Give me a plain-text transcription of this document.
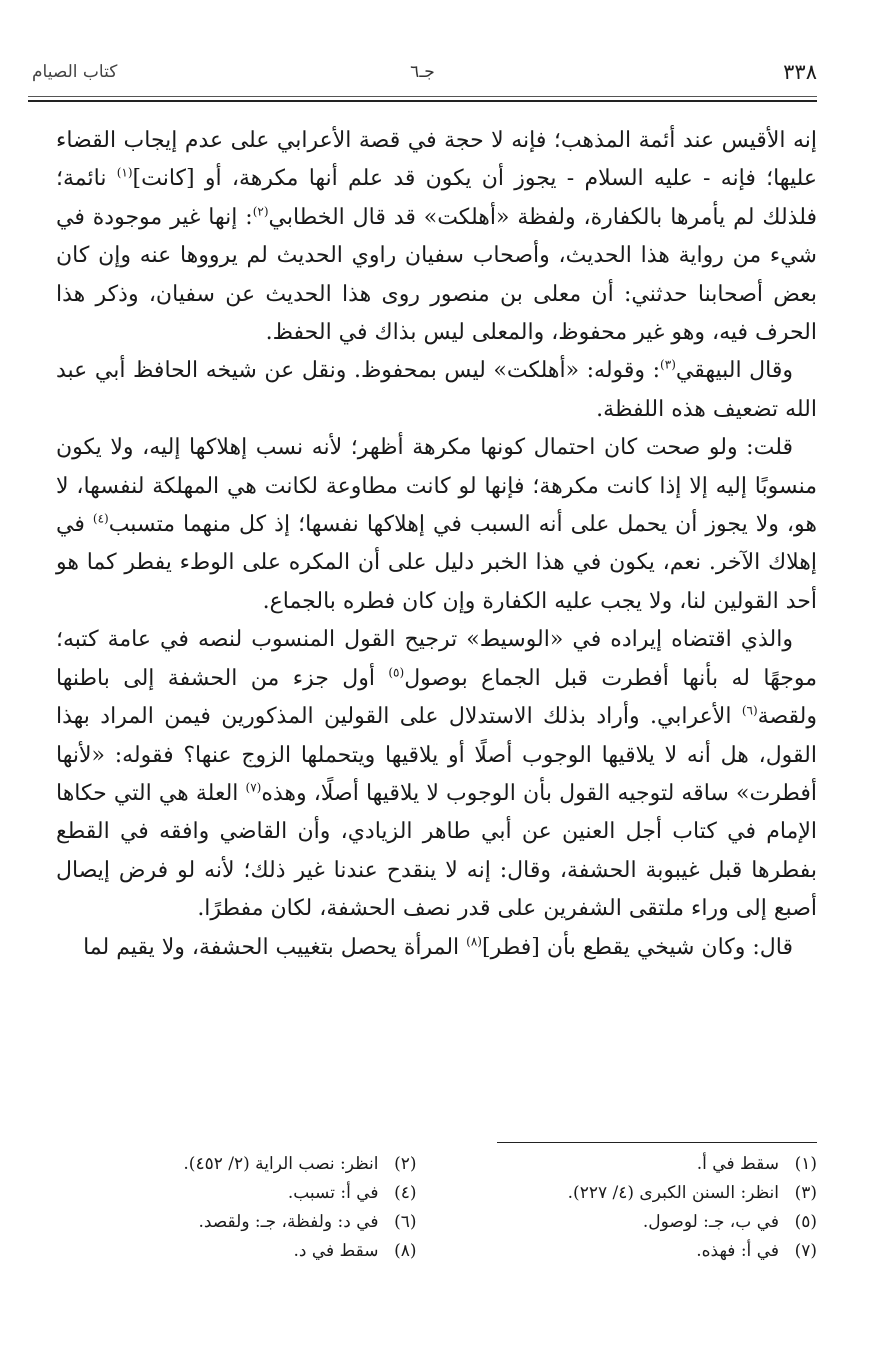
٣٣٨
جـ٦
كتاب الصيام

إنه الأقيس عند أئمة المذهب؛ فإنه لا حجة في قصة الأعرابي على عدم إيجاب القضاء عليها؛ فإنه - عليه السلام - يجوز أن يكون قد علم أنها مكرهة، أو [كانت]$^{(١)}$ نائمة؛ فلذلك لم يأمرها بالكفارة، ولفظة «أهلكت» قد قال الخطابي$^{(٢)}$: إنها غير موجودة في شيء من رواية هذا الحديث، وأصحاب سفيان راوي الحديث لم يرووها عنه وإن كان بعض أصحابنا حدثني: أن معلى بن منصور روى هذا الحديث عن سفيان، وذكر هذا الحرف فيه، وهو غير محفوظ، والمعلى ليس بذاك في الحفظ.

وقال البيهقي$^{(٣)}$: وقوله: «أهلكت» ليس بمحفوظ. ونقل عن شيخه الحافظ أبي عبد الله تضعيف هذه اللفظة.

قلت: ولو صحت كان احتمال كونها مكرهة أظهر؛ لأنه نسب إهلاكها إليه، ولا يكون منسوبًا إليه إلا إذا كانت مكرهة؛ فإنها لو كانت مطاوعة لكانت هي المهلكة لنفسها، لا هو، ولا يجوز أن يحمل على أنه السبب في إهلاكها نفسها؛ إذ كل منهما متسبب$^{(٤)}$ في إهلاك الآخر. نعم، يكون في هذا الخبر دليل على أن المكره على الوطء يفطر كما هو أحد القولين لنا، ولا يجب عليه الكفارة وإن كان فطره بالجماع.

والذي اقتضاه إيراده في «الوسيط» ترجيح القول المنسوب لنصه في عامة كتبه؛ موجهًا له بأنها أفطرت قبل الجماع بوصول$^{(٥)}$ أول جزء من الحشفة إلى باطنها ولقصة$^{(٦)}$ الأعرابي. وأراد بذلك الاستدلال على القولين المذكورين فيمن المراد بهذا القول، هل أنه لا يلاقيها الوجوب أصلًا أو يلاقيها ويتحملها الزوج عنها؟ فقوله: «لأنها أفطرت» ساقه لتوجيه القول بأن الوجوب لا يلاقيها أصلًا، وهذه$^{(٧)}$ العلة هي التي حكاها الإمام في كتاب أجل العنين عن أبي طاهر الزيادي، وأن القاضي وافقه في القطع بفطرها قبل غيبوبة الحشفة، وقال: إنه لا ينقدح عندنا غير ذلك؛ لأنه لو فرض إيصال أصبع إلى وراء ملتقى الشفرين على قدر نصف الحشفة، لكان مفطرًا.

قال: وكان شيخي يقطع بأن [فطر]$^{(٨)}$ المرأة يحصل بتغييب الحشفة، ولا يقيم لما

(١)سقط في أ.
(٢)انظر: نصب الراية (٢/ ٤٥٢).
(٣)انظر: السنن الكبرى (٤/ ٢٢٧).
(٤)في أ: تسبب.
(٥)في ب، جـ: لوصول.
(٦)في د: ولفظة، جـ: ولقصد.
(٧)في أ: فهذه.
(٨)سقط في د.
